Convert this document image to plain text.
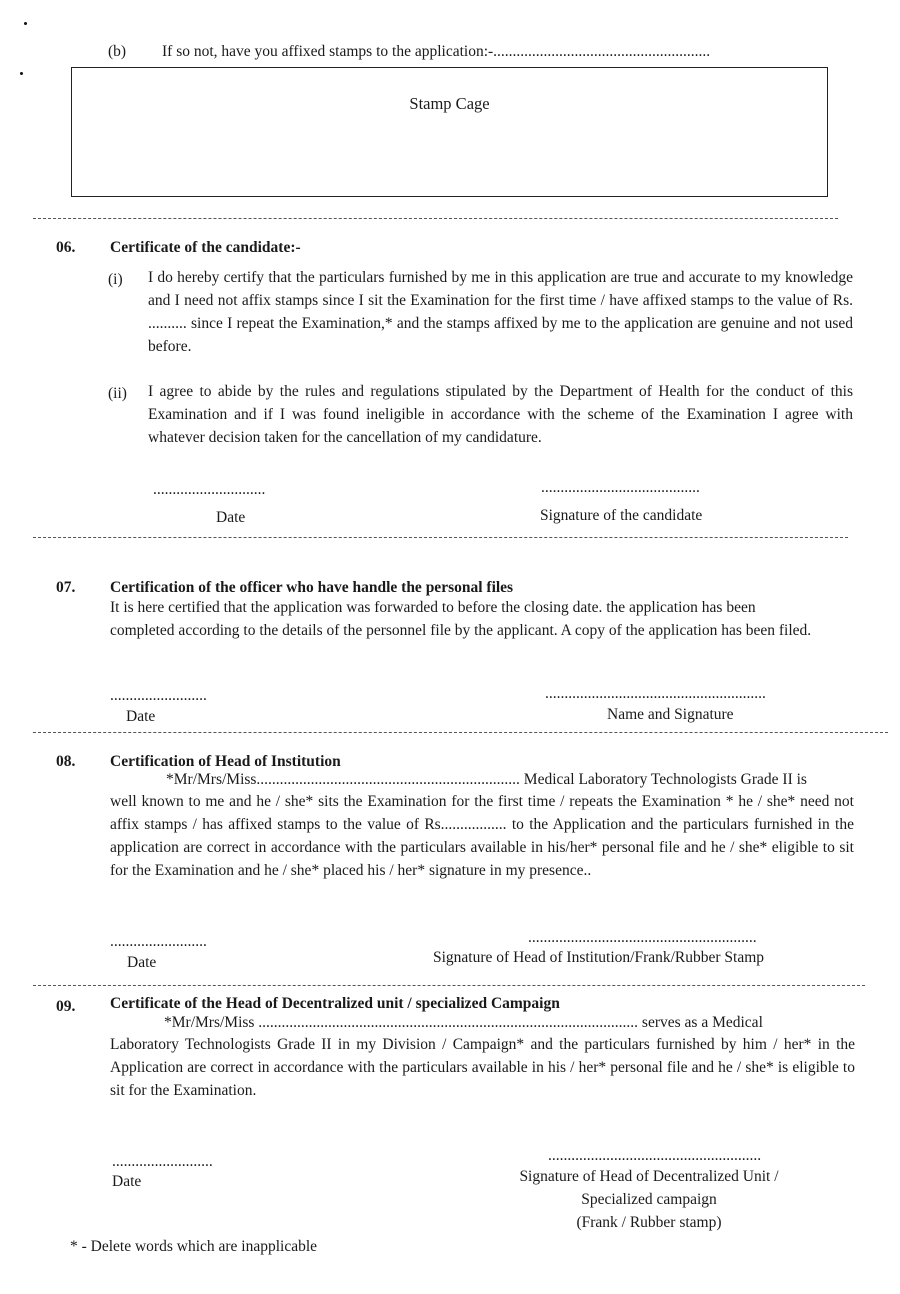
(b) If so not, have you affixed stamps to the application:-........................................................
Stamp Cage
06. Certificate of the candidate:-
(i) I do hereby certify that the particulars furnished by me in this application are true and accurate to my knowledge and I need not affix stamps since I sit the Examination for the first time / have affixed stamps to the value of Rs. .......... since I repeat the Examination,* and the stamps affixed by me to the application are genuine and not used before.
(ii) I agree to abide by the rules and regulations stipulated by the Department of Health for the conduct of this Examination and if I was found ineligible in accordance with the scheme of the Examination I agree with whatever decision taken for the cancellation of my candidature.
.............................
Date
.........................................
Signature of the candidate
07. Certification of the officer who have handle the personal files
It is here certified that the application was forwarded to before the closing date. the application has been completed according to the details of the personnel file by the applicant. A copy of the application has been filed.
.........................
Date
.........................................................
Name and Signature
08. Certification of Head of Institution
*Mr/Mrs/Miss.................................................................... Medical Laboratory Technologists Grade II is
well known to me and he / she* sits the Examination for the first time / repeats the Examination * he / she* need not affix stamps / has affixed stamps to the value of Rs................. to the Application and the particulars furnished in the application are correct in accordance with the particulars available in his/her* personal file and he / she* eligible to sit for the Examination and he / she* placed his / her* signature in my presence..
.........................
Date
...........................................................
Signature of Head of Institution/Frank/Rubber Stamp
09. Certificate of the Head of Decentralized unit / specialized Campaign
*Mr/Mrs/Miss .................................................................................................. serves as a Medical
Laboratory Technologists Grade II in my Division / Campaign* and the particulars furnished by him / her* in the Application are correct in accordance with the particulars available in his / her* personal file and he / she* is eligible to sit for the Examination.
..........................
Date
.......................................................
Signature of Head of Decentralized Unit /
Specialized campaign
(Frank / Rubber stamp)
* - Delete words which are inapplicable
